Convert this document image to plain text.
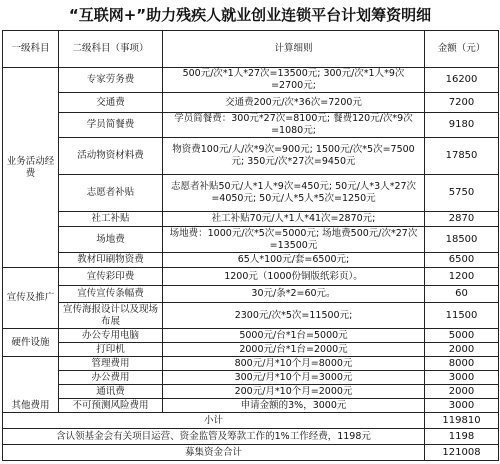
“互联网+”助力残疾人就业创业连锁平台计划筹资明细
一级科目	二级科目（事项）	计算细则	金额（元）
业务活动经费	专家劳务费	500元/次*1人*27次=13500元; 300元/次*1人*9次=2700元;	16200
	交通费	交通费200元/次*36次=7200元	7200
	学员简餐费	学员简餐费：300元*27次=8100元; 餐费120元/次*9次=1080元;	9180
	活动物资材料费	物资费100元/人/次*9次=900元; 1500元/次*5次=7500元; 350元/次*27次=9450元	17850
	志愿者补贴	志愿者补贴50元/人*1人*9次=450元; 50元/人*3人*27次=4050元; 50元/人*5人*5次=1250元	5750
	社工补贴	社工补贴70元/人*1人*41次=2870元;	2870
	场地费	场地费：1000元/次*5次=5000元; 场地费500元/次*27次=13500元	18500
	教材印刷物资费	65人*100元/套=6500元;	6500
宣传及推广	宣传彩印费	1200元（1000份铜版纸彩页）。	1200
	宣传宣传条幅费	30元/条*2=60元。	60
	宣传海报设计以及现场布展	2300元/次*5次=11500元;	11500
硬件设施	办公专用电脑	5000元/台*1台=5000元	5000
	打印机	2000元/台*1台=2000元	2000
其他费用	管理费用	800元/月*10个月=8000元	8000
	办公费用	300元/月*10个月=3000元	3000
	通讯费	200元/月*10个月=2000元	2000
	不可预测风险费用	申请金额的3%，3000元	3000
小计			119810
含认领基金会有关项目运营、资金监管及筹款工作的1%工作经费，1198元			1198
募集资金合计			121008
